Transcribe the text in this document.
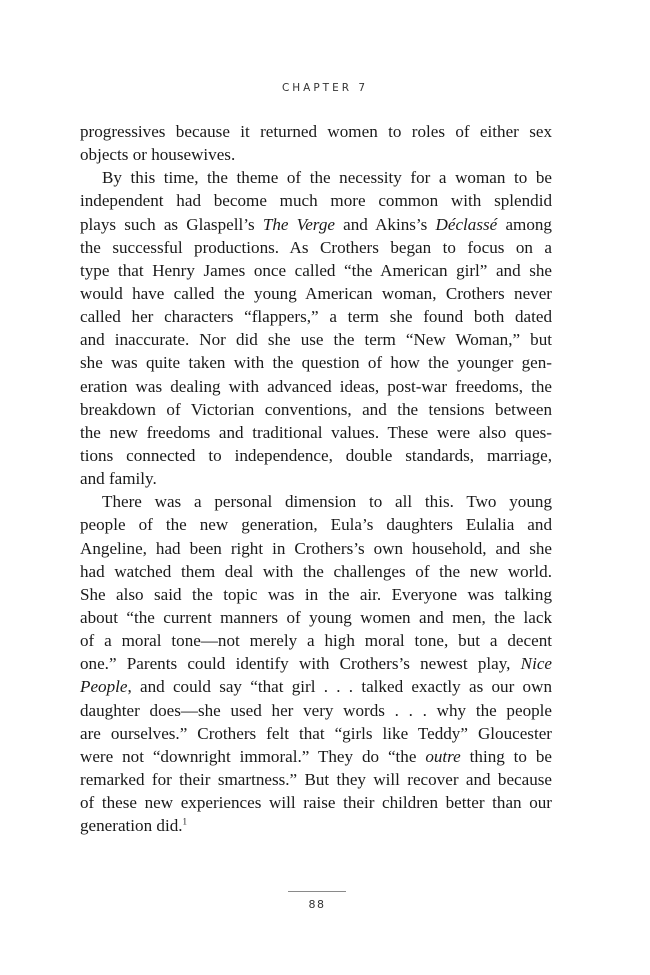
CHAPTER 7
progressives because it returned women to roles of either sex
objects or housewives.
By this time, the theme of the necessity for a woman to be
independent had become much more common with splendid
plays such as Glaspell’s The Verge and Akins’s Déclassé among
the successful productions. As Crothers began to focus on a
type that Henry James once called “the American girl” and she
would have called the young American woman, Crothers never
called her characters “flappers,” a term she found both dated
and inaccurate. Nor did she use the term “New Woman,” but
she was quite taken with the question of how the younger gen-
eration was dealing with advanced ideas, post-war freedoms, the
breakdown of Victorian conventions, and the tensions between
the new freedoms and traditional values. These were also ques-
tions connected to independence, double standards, marriage,
and family.
There was a personal dimension to all this. Two young
people of the new generation, Eula’s daughters Eulalia and
Angeline, had been right in Crothers’s own household, and she
had watched them deal with the challenges of the new world.
She also said the topic was in the air. Everyone was talking
about “the current manners of young women and men, the lack
of a moral tone—not merely a high moral tone, but a decent
one.” Parents could identify with Crothers’s newest play, Nice
People, and could say “that girl . . . talked exactly as our own
daughter does—she used her very words . . . why the people
are ourselves.” Crothers felt that “girls like Teddy” Gloucester
were not “downright immoral.” They do “the outre thing to be
remarked for their smartness.” But they will recover and because
of these new experiences will raise their children better than our
generation did.$^1$
88
